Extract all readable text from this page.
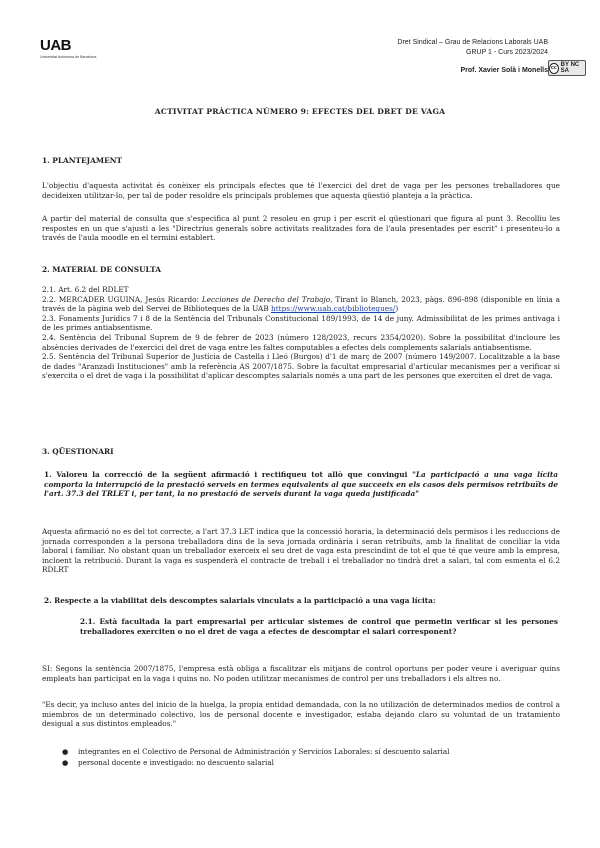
UAB
Universitat Autònoma de Barcelona
Dret Sindical – Grau de Relacions Laborals UAB
GRUP 1 - Curs 2023/2024
Prof. Xavier Solà i Monells cc BY NC SA
ACTIVITAT PRÀCTICA NÚMERO 9: EFECTES DEL DRET DE VAGA
1. PLANTEJAMENT

L'objectiu d'aquesta activitat és conèixer els principals efectes que té l'exercici del dret de vaga per les persones treballadores que decideixen utilitzar-lo, per tal de poder resoldre els principals problemes que aquesta qüestió planteja a la pràctica.

A partir del material de consulta que s'especifica al punt 2 resoleu en grup i per escrit el qüestionari que figura al punt 3. Recolliu les respostes en un que s'ajusti a les "Directrius generals sobre activitats realitzades fora de l'aula presentades per escrit" i presenteu-lo a través de l'aula moodle en el termini establert.

2. MATERIAL DE CONSULTA

2.1. Art. 6.2 del RDLET

2.2. MERCADER UGUINA, Jesús Ricardo: Lecciones de Derecho del Trabajo, Tirant lo Blanch, 2023, pàgs. 896-898 (disponible en línia a través de la pàgina web del Servei de Biblioteques de la UAB https://www.uab.cat/biblioteques/)

2.3. Fonaments Jurídics 7 i 8 de la Sentència del Tribunals Constitucional 189/1993, de 14 de juny. Admissibilitat de les primes antivaga i de les primes antiabsentisme.

2.4. Sentència del Tribunal Suprem de 9 de febrer de 2023 (número 128/2023, recurs 2354/2020). Sobre la possibilitat d'incloure les absències derivades de l'exercici del dret de vaga entre les faltes computables a efectes dels complements salarials antiabsentisme.

2.5. Sentència del Tribunal Superior de Justícia de Castella i Lleó (Burgos) d'1 de març de 2007 (número 149/2007. Localitzable a la base de dades "Aranzadi Instituciones" amb la referència AS 2007/1875. Sobre la facultat empresarial d'articular mecanismes per a verificar si s'exercita o el dret de vaga i la possibilitat d'aplicar descomptes salarials només a una part de les persones que exerciten el dret de vaga.

3. QÜESTIONARI
1. Valoreu la correcció de la següent afirmació i rectifiqueu tot allò que convingui "La participació a una vaga lícita comporta la interrupció de la prestació serveis en termes equivalents al que succeeix en els casos dels permisos retribuïts de l'art. 37.3 del TRLET i, per tant, la no prestació de serveis durant la vaga queda justificada"

Aquesta afirmació no es del tot correcte, a l'art 37.3 LET indica que la concessió horaria, la determinació dels permisos i les reduccions de jornada corresponden a la persona treballadora dins de la seva jornada ordinària i seran retribuïts, amb la finalitat de conciliar la vida laboral i familiar. No obstant quan un treballador exerceix el seu dret de vaga esta prescindint de tot el que té que veure amb la empresa, incloent la retribució. Durant la vaga es suspenderà el contracte de treball i el treballador no tindrà dret a salari, tal com esmenta el 6.2 RDLRT

2. Respecte a la viabilitat dels descomptes salarials vinculats a la participació a una vaga lícita:
2.1. Està facultada la part empresarial per articular sistemes de control que permetin verificar si les persones treballadores exerciten o no el dret de vaga a efectes de descomptar el salari corresponent?

SI: Segons la sentència 2007/1875, l'empresa està obliga a fiscalitzar els mitjans de control oportuns per poder veure i averiguar quins empleats han participat en la vaga i quins no. No poden utilitzar mecanismes de control per uns treballadors i els altres no.

"Es decir, ya incluso antes del inicio de la huelga, la propia entidad demandada, con la no utilización de determinados medios de control a miembros de un determinado colectivo, los de personal docente e investigador, estaba dejando claro su voluntad de un tratamiento desigual a sus distintos empleados."

● integrantes en el Colectivo de Personal de Administración y Servicios Laborales: sí descuento salarial
● personal docente e investigado: no descuento salarial
